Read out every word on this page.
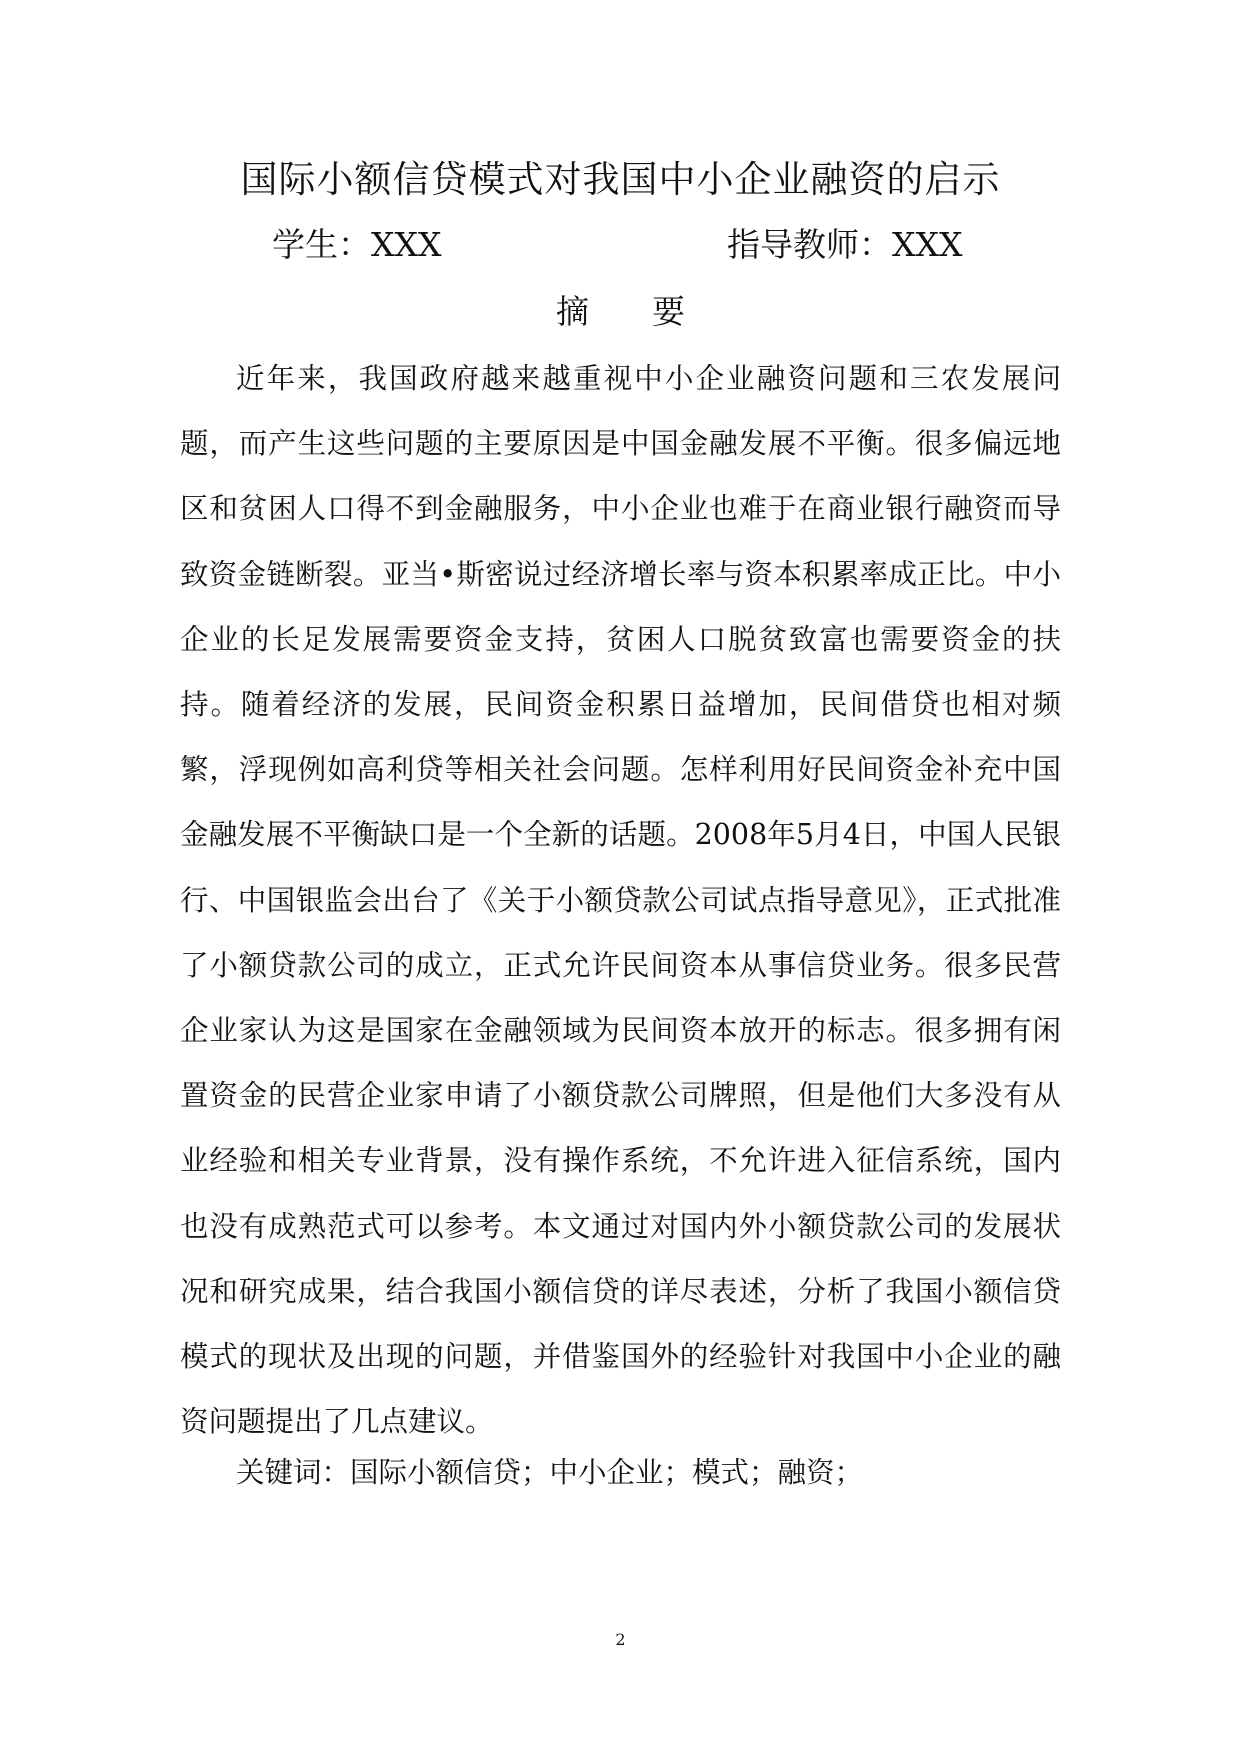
国际小额信贷模式对我国中小企业融资的启示
学生：XXX	指导教师：XXX
摘      要

近年来，我国政府越来越重视中小企业融资问题和三农发展问题，而产生这些问题的主要原因是中国金融发展不平衡。很多偏远地区和贫困人口得不到金融服务，中小企业也难于在商业银行融资而导致资金链断裂。亚当•斯密说过经济增长率与资本积累率成正比。中小企业的长足发展需要资金支持，贫困人口脱贫致富也需要资金的扶持。随着经济的发展，民间资金积累日益增加，民间借贷也相对频繁，浮现例如高利贷等相关社会问题。怎样利用好民间资金补充中国金融发展不平衡缺口是一个全新的话题。2008年5月4日，中国人民银行、中国银监会出台了《关于小额贷款公司试点指导意见》，正式批准了小额贷款公司的成立，正式允许民间资本从事信贷业务。很多民营企业家认为这是国家在金融领域为民间资本放开的标志。很多拥有闲置资金的民营企业家申请了小额贷款公司牌照，但是他们大多没有从业经验和相关专业背景，没有操作系统，不允许进入征信系统，国内也没有成熟范式可以参考。本文通过对国内外小额贷款公司的发展状况和研究成果，结合我国小额信贷的详尽表述，分析了我国小额信贷模式的现状及出现的问题，并借鉴国外的经验针对我国中小企业的融资问题提出了几点建议。

关键词：国际小额信贷；中小企业；模式；融资；
2
